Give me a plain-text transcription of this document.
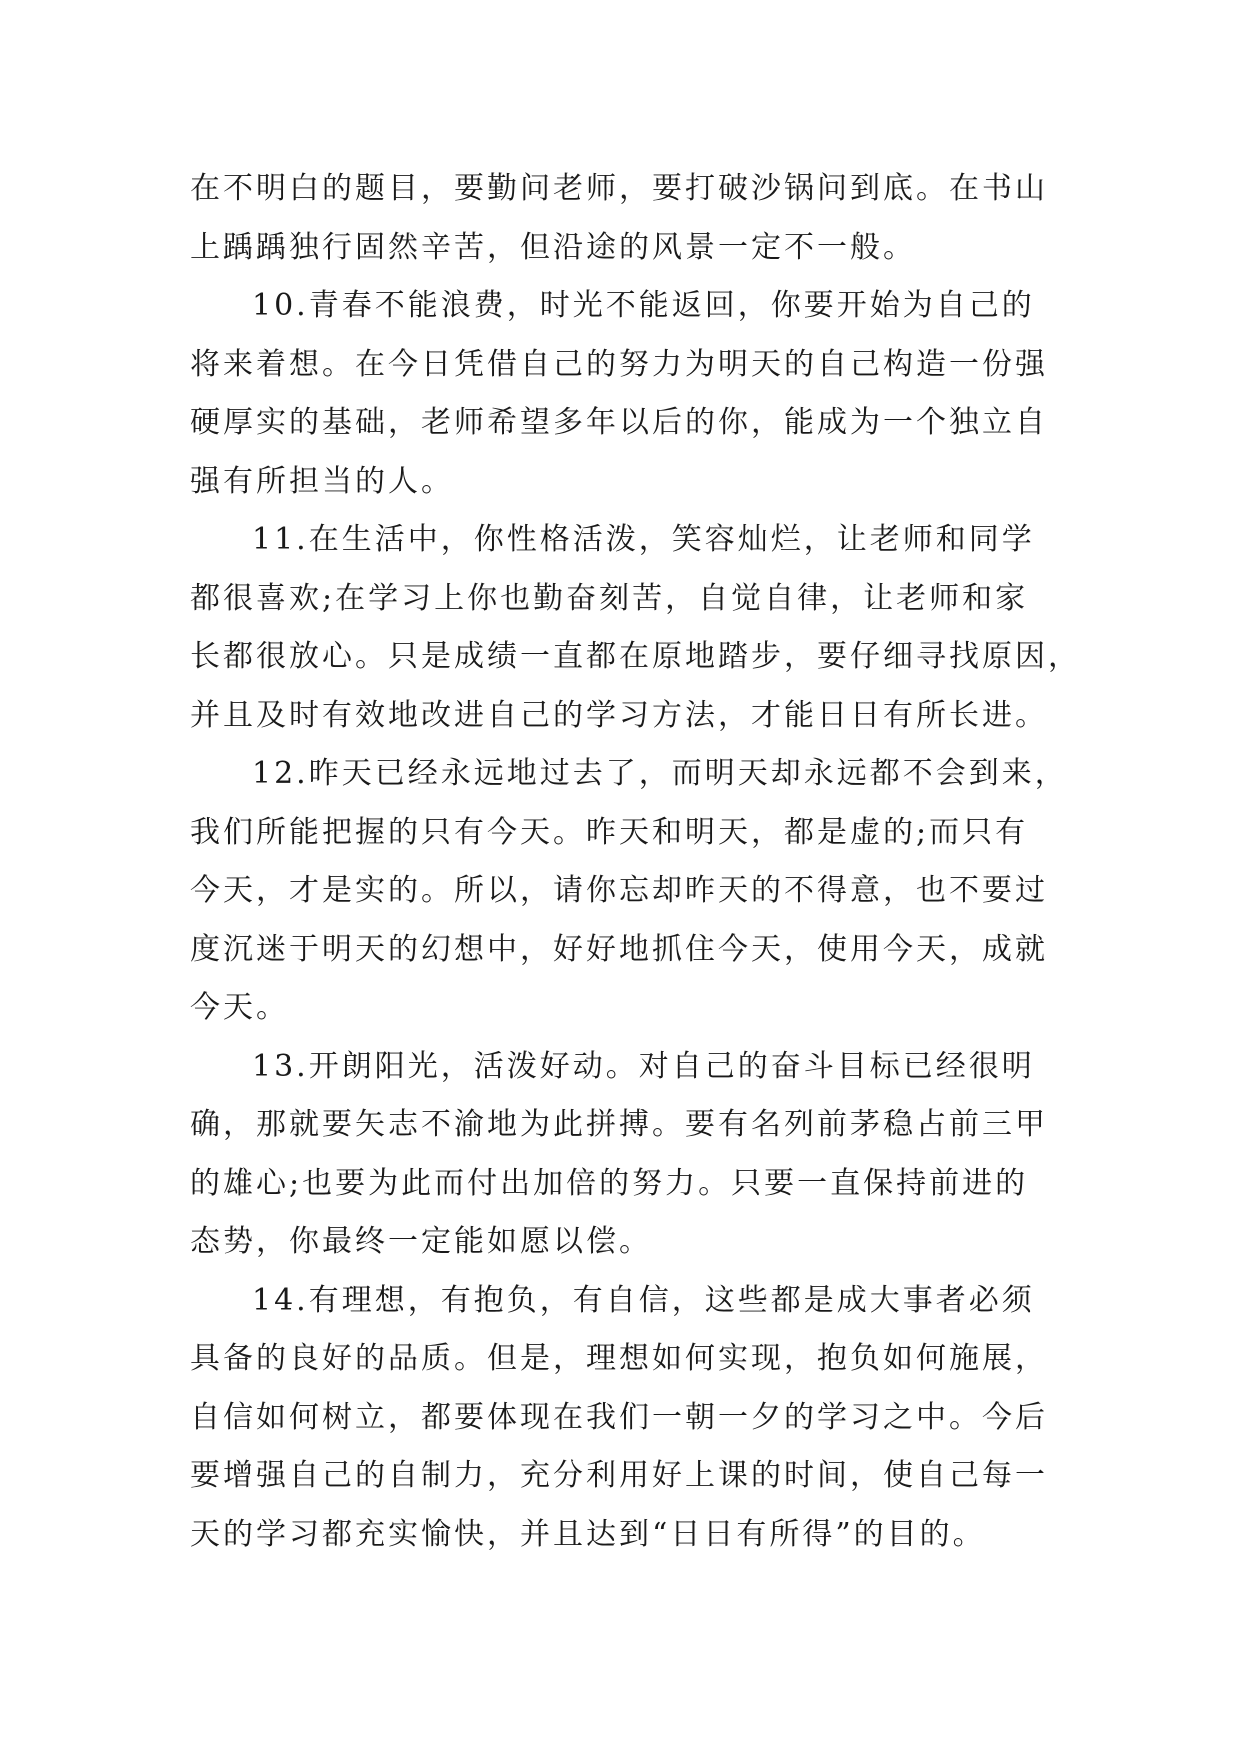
在不明白的题目，要勤问老师，要打破沙锅问到底。在书山
上踽踽独行固然辛苦，但沿途的风景一定不一般。
10.青春不能浪费，时光不能返回，你要开始为自己的
将来着想。在今日凭借自己的努力为明天的自己构造一份强
硬厚实的基础，老师希望多年以后的你，能成为一个独立自
强有所担当的人。
11.在生活中，你性格活泼，笑容灿烂，让老师和同学
都很喜欢;在学习上你也勤奋刻苦，自觉自律，让老师和家
长都很放心。只是成绩一直都在原地踏步，要仔细寻找原因，
并且及时有效地改进自己的学习方法，才能日日有所长进。
12.昨天已经永远地过去了，而明天却永远都不会到来，
我们所能把握的只有今天。昨天和明天，都是虚的;而只有
今天，才是实的。所以，请你忘却昨天的不得意，也不要过
度沉迷于明天的幻想中，好好地抓住今天，使用今天，成就
今天。
13.开朗阳光，活泼好动。对自己的奋斗目标已经很明
确，那就要矢志不渝地为此拼搏。要有名列前茅稳占前三甲
的雄心;也要为此而付出加倍的努力。只要一直保持前进的
态势，你最终一定能如愿以偿。
14.有理想，有抱负，有自信，这些都是成大事者必须
具备的良好的品质。但是，理想如何实现，抱负如何施展，
自信如何树立，都要体现在我们一朝一夕的学习之中。今后
要增强自己的自制力，充分利用好上课的时间，使自己每一
天的学习都充实愉快，并且达到“日日有所得”的目的。
